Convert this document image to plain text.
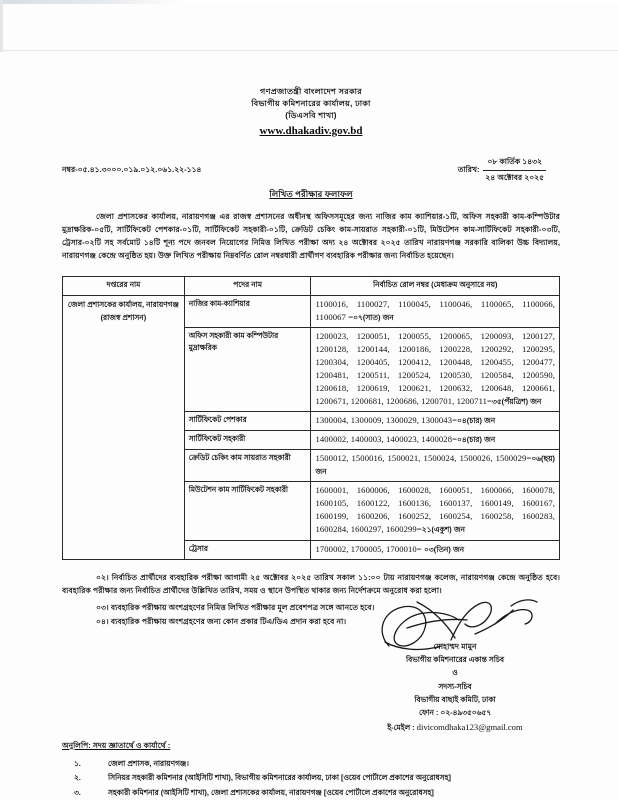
গণপ্রজাতন্ত্রী বাংলাদেশ সরকার
বিভাগীয় কমিশনারের কার্যালয়, ঢাকা
(ডিএসবি শাখা)
www.dhakadiv.gov.bd
নম্বর-০৫.৪১.৩০০০.০১৯.০১২.০৬১.২২-১১৪	তারিখ:
০৮ কার্তিক ১৪৩২
২৪ অক্টোবর ২০২৫
লিখিত পরীক্ষার ফলাফল
জেলা প্রশাসকের কার্যালয়, নারায়ণগঞ্জ এর রাজস্ব প্রশাসনের অধীনস্থ অফিসসমূহের জন্য নাজির কাম ক্যাশিয়ার-১টি, অফিস সহকারী কাম-কম্পিউটার মুদ্রাক্ষরিক-০৫টি, সার্টিফিকেট পেশকার-০১টি, সার্টিফিকেট সহকারী-০১টি, ক্রেডিট চেকিং কাম-সায়রাত সহকারী-০১টি, মিউটেশন কাম-সার্টিফিকেট সহকারী-০৩টি, ট্রেসার-০২টি সহ সর্বমোট ১৪টি শূন্য পদে জনবল নিয়োগের নিমিত্ত লিখিত পরীক্ষা অদ্য ২৪ অক্টোবর ২০২৫ তারিখ নারায়ণগঞ্জ সরকারি বালিকা উচ্চ বিদ্যালয়, নারায়ণগঞ্জ কেন্দ্রে অনুষ্ঠিত হয়। উক্ত লিখিত পরীক্ষায় নিম্নবর্ণিত রোল নম্বরধারী প্রার্থীগণ ব্যবহারিক পরীক্ষার জন্য নির্বাচিত হয়েছেন।
দপ্তরের নাম	পদের নাম	নির্বাচিত রোল নম্বর (মেধাক্রম অনুসারে নয়)
জেলা প্রশাসকের কার্যালয়, নারায়ণগঞ্জ (রাজস্ব প্রশাসন)	নাজির কাম-ক্যাশিয়ার	1100016, 1100027, 1100045, 1100046, 1100065, 1100066, 1100067 =০৭(সাত) জন
	অফিস সহকারী কাম কম্পিউটার মুদ্রাক্ষরিক	1200023, 1200051, 1200055, 1200065, 1200093, 1200127, 1200128, 1200144, 1200186, 1200228, 1200292, 1200295, 1200304, 1200405, 1200412, 1200448, 1200455, 1200477, 1200481, 1200511, 1200524, 1200530, 1200584, 1200590, 1200618, 1200619, 1200621, 1200632, 1200648, 1200661, 1200671, 1200681, 1200686, 1200701, 1200711=৩৫(পঁয়ত্রিশ) জন
	সার্টিফিকেট পেশকার	1300004, 1300009, 1300029, 1300043=০৪(চার) জন
	সার্টিফিকেট সহকারী	1400002, 1400003, 1400023, 1400028=০৪(চার) জন
	ক্রেডিট চেকিং কাম সায়রাত সহকারী	1500012, 1500016, 1500021, 1500024, 1500026, 1500029=০৬(ছয়) জন
	মিউটেশন কাম সার্টিফিকেট সহকারী	1600001, 1600006, 1600028, 1600051, 1600066, 1600078, 1600105, 1600122, 1600136, 1600137, 1600149, 1600167, 1600199, 1600206, 1600252, 1600254, 1600258, 1600283, 1600284, 1600297, 1600299=২১(একুশ) জন
	ট্রেসার	1700002, 1700005, 1700010= ০৩(তিন) জন
০২। নির্বাচিত প্রার্থীদের ব্যবহারিক পরীক্ষা আগামী ২৫ অক্টোবর ২০২৫ তারিখ সকাল ১১:০০ টায় নারায়ণগঞ্জ কলেজ, নারায়ণগঞ্জ কেন্দ্রে অনুষ্ঠিত হবে। ব্যবহারিক পরীক্ষার জন্য নির্বাচিত প্রার্থীদের উল্লিখিত তারিখ, সময় ও স্থানে উপস্থিত থাকার জন্য নির্দেশক্রমে অনুরোধ করা হলো।
০৩। ব্যবহারিক পরীক্ষায় অংশগ্রহণের নিমিত্ত লিখিত পরীক্ষার মূল প্রবেশপত্র সঙ্গে আনতে হবে।
০৪। ব্যবহারিক পরীক্ষায় অংশগ্রহণের জন্য কোন প্রকার টিএ/ডিএ প্রদান করা হবে না।
মোহাম্মদ মামুন
বিভাগীয় কমিশনারের একান্ত সচিব
ও
সদস্য-সচিব
বিভাগীয় বাছাই কমিটি, ঢাকা
ফোন : ০২-৪৯৩৫০৬৫৭
ই-মেইল : divicomdhaka123@gmail.com
অনুলিপি: সদয় জ্ঞাতার্থে ও কার্যার্থে :
১.	জেলা প্রশাসক, নারায়ণগঞ্জ।
২.	সিনিয়র সহকারী কমিশনার (আইসিটি শাখা), বিভাগীয় কমিশনারের কার্যালয়, ঢাকা [ওয়েব পোর্টালে প্রকাশের অনুরোধসহ]
৩.	সহকারী কমিশনার (আইসিটি শাখা), জেলা প্রশাসকের কার্যালয়, নারায়ণগঞ্জ [ওয়েব পোর্টালে প্রকাশের অনুরোধসহ]
